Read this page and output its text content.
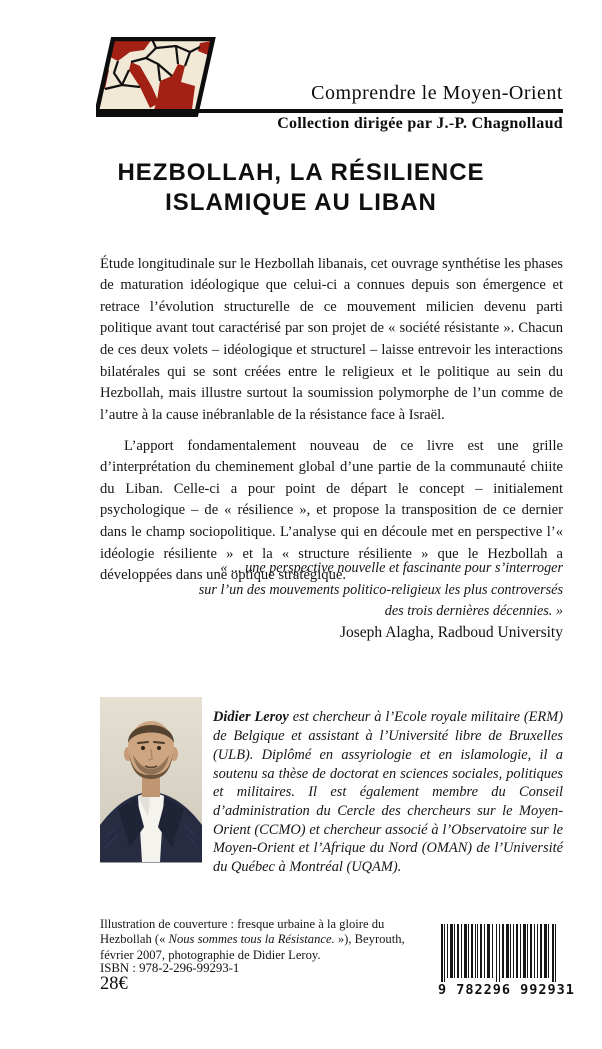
Comprendre le Moyen-Orient
Collection dirigée par J.-P. Chagnollaud
HEZBOLLAH, LA RÉSILIENCE
ISLAMIQUE AU LIBAN

Étude longitudinale sur le Hezbollah libanais, cet ouvrage synthétise les phases de maturation idéologique que celui-ci a connues depuis son émergence et retrace l’évolution structurelle de ce mouvement milicien devenu parti politique avant tout caractérisé par son projet de « société résistante ». Chacun de ces deux volets – idéologique et structurel – laisse entrevoir les interactions bilatérales qui se sont créées entre le religieux et le politique au sein du Hezbollah, mais illustre surtout la soumission polymorphe de l’un comme de l’autre à la cause inébranlable de la résistance face à Israël.

L’apport fondamentalement nouveau de ce livre est une grille d’interprétation du cheminement global d’une partie de la communauté chiite du Liban. Celle-ci a pour point de départ le concept – initialement psychologique – de « résilience », et propose la transposition de ce dernier dans le champ sociopolitique. L’analyse qui en découle met en perspective l’« idéologie résiliente » et la « structure résiliente » que le Hezbollah a développées dans une optique stratégique.

« ... une perspective nouvelle et fascinante pour s’interroger
sur l’un des mouvements politico-religieux les plus controversés
des trois dernières décennies. »
Joseph Alagha, Radboud University

Didier Leroy est chercheur à l’Ecole royale militaire (ERM) de Belgique et assistant à l’Université libre de Bruxelles (ULB). Diplômé en assyriologie et en islamologie, il a soutenu sa thèse de doctorat en sciences sociales, politiques et militaires. Il est également membre du Conseil d’administration du Cercle des chercheurs sur le Moyen-Orient (CCMO) et chercheur associé à l’Observatoire sur le Moyen-Orient et l’Afrique du Nord (OMAN) de l’Université du Québec à Montréal (UQAM).

Illustration de couverture : fresque urbaine à la gloire du Hezbollah (« Nous sommes tous la Résistance. »), Beyrouth, février 2007, photographie de Didier Leroy.

ISBN : 978-2-296-99293-1
28€	9 782296 992931
